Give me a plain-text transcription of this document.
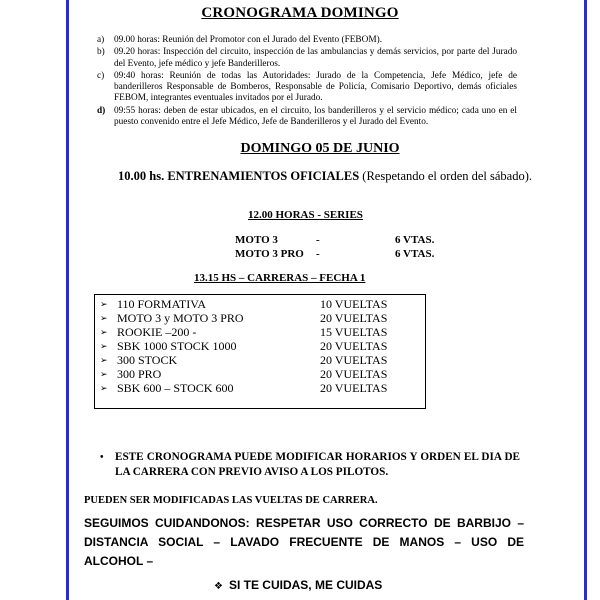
CRONOGRAMA DOMINGO
a) 09.00 horas: Reunión del Promotor con el Jurado del Evento (FEBOM).
b) 09.20 horas: Inspección del circuito, inspección de las ambulancias y demás servicios, por parte del Jurado del Evento, jefe médico y jefe Banderilleros.
c) 09:40 horas: Reunión de todas las Autoridades: Jurado de la Competencia, Jefe Médico, jefe de banderilleros Responsable de Bomberos, Responsable de Policía, Comisario Deportivo, demás oficiales FEBOM, integrantes eventuales invitados por el Jurado.
d) 09:55 horas: deben de estar ubicados, en el circuito, los banderilleros y el servicio médico; cada uno en el puesto convenido entre el Jefe Médico, Jefe de Banderilleros y el Jurado del Evento.
DOMINGO 05 DE JUNIO
10.00 hs. ENTRENAMIENTOS OFICIALES (Respetando el orden del sábado).
12.00 HORAS - SERIES
MOTO 3	-	6 VTAS.
MOTO 3 PRO -	6 VTAS.
13.15 HS – CARRERAS – FECHA 1
➢ 110 FORMATIVA	10 VUELTAS
➢ MOTO 3 y MOTO 3 PRO	20 VUELTAS
➢ ROOKIE –200 -	15 VUELTAS
➢ SBK 1000 STOCK 1000	20 VUELTAS
➢ 300 STOCK	20 VUELTAS
➢ 300 PRO	20 VUELTAS
➢ SBK 600 – STOCK 600	20 VUELTAS
• ESTE CRONOGRAMA PUEDE MODIFICAR HORARIOS Y ORDEN EL DIA DE LA CARRERA CON PREVIO AVISO A LOS PILOTOS.
PUEDEN SER MODIFICADAS LAS VUELTAS DE CARRERA.
SEGUIMOS CUIDANDONOS: RESPETAR USO CORRECTO DE BARBIJO – DISTANCIA SOCIAL – LAVADO FRECUENTE DE MANOS – USO DE ALCOHOL –
❖ SI TE CUIDAS, ME CUIDAS
